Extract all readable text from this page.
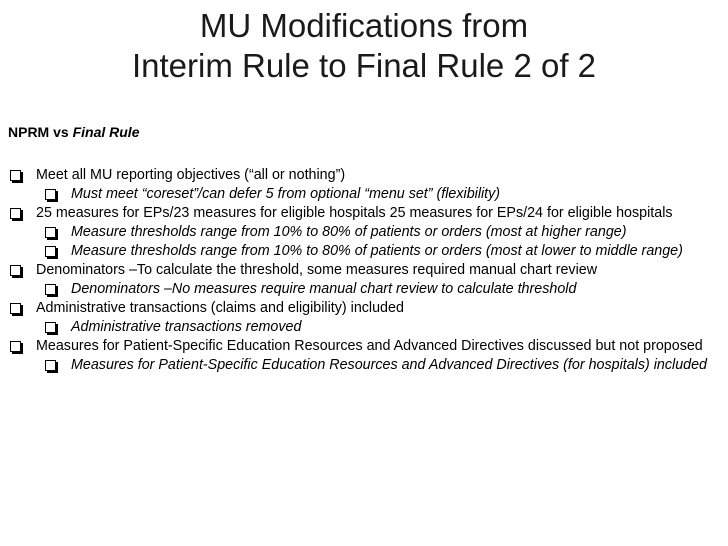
MU Modifications from
Interim Rule to Final Rule 2 of 2
NPRM vs Final Rule
Meet all MU reporting objectives (“all or nothing”)
Must meet “coreset”/can defer 5 from optional “menu set” (flexibility)
25 measures for EPs/23 measures for eligible hospitals 25 measures for EPs/24 for eligible hospitals
Measure thresholds range from 10% to 80% of patients or orders (most at higher range)
Measure thresholds range from 10% to 80% of patients or orders (most at lower to middle range)
Denominators –To calculate the threshold, some measures required manual chart review
Denominators –No measures require manual chart review to calculate threshold
Administrative transactions (claims and eligibility) included
Administrative transactions removed
Measures for Patient-Specific Education Resources and Advanced Directives discussed but not proposed
Measures for Patient-Specific Education Resources and Advanced Directives (for hospitals) included
